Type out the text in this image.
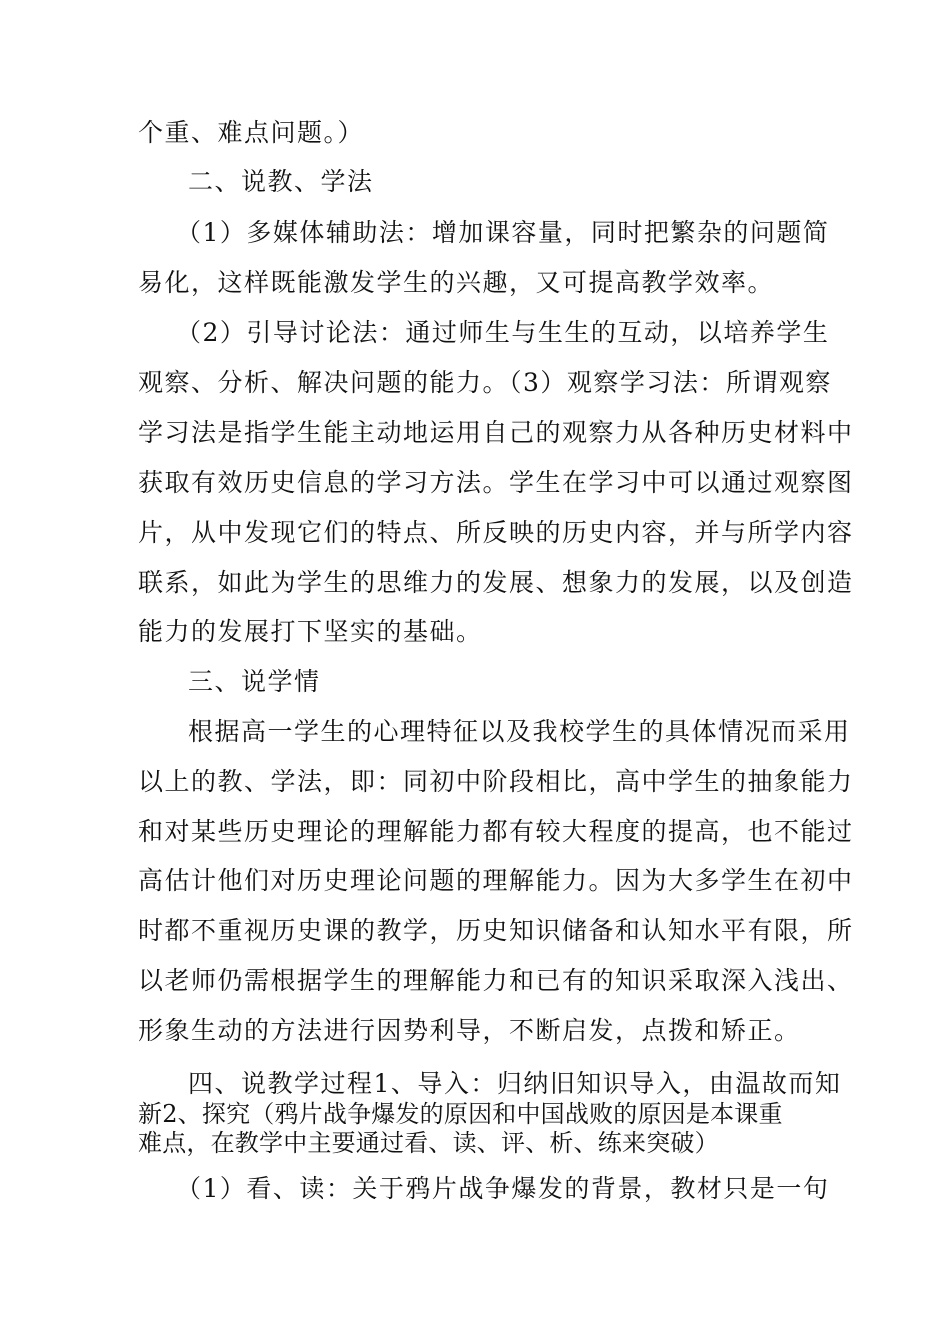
个重、难点问题。）
二、说教、学法
（1）多媒体辅助法：增加课容量，同时把繁杂的问题简
易化，这样既能激发学生的兴趣，又可提高教学效率。
（2）引导讨论法：通过师生与生生的互动，以培养学生
观察、分析、解决问题的能力。（3）观察学习法：所谓观察
学习法是指学生能主动地运用自己的观察力从各种历史材料中
获取有效历史信息的学习方法。学生在学习中可以通过观察图
片，从中发现它们的特点、所反映的历史内容，并与所学内容
联系，如此为学生的思维力的发展、想象力的发展，以及创造
能力的发展打下坚实的基础。
三、说学情
根据高一学生的心理特征以及我校学生的具体情况而采用
以上的教、学法，即：同初中阶段相比，高中学生的抽象能力
和对某些历史理论的理解能力都有较大程度的提高，也不能过
高估计他们对历史理论问题的理解能力。因为大多学生在初中
时都不重视历史课的教学，历史知识储备和认知水平有限，所
以老师仍需根据学生的理解能力和已有的知识采取深入浅出、
形象生动的方法进行因势利导，不断启发，点拨和矫正。
四、说教学过程1、导入：归纳旧知识导入，由温故而知
新2、探究（鸦片战争爆发的原因和中国战败的原因是本课重
难点，在教学中主要通过看、读、评、析、练来突破）
（1）看、读：关于鸦片战争爆发的背景，教材只是一句
